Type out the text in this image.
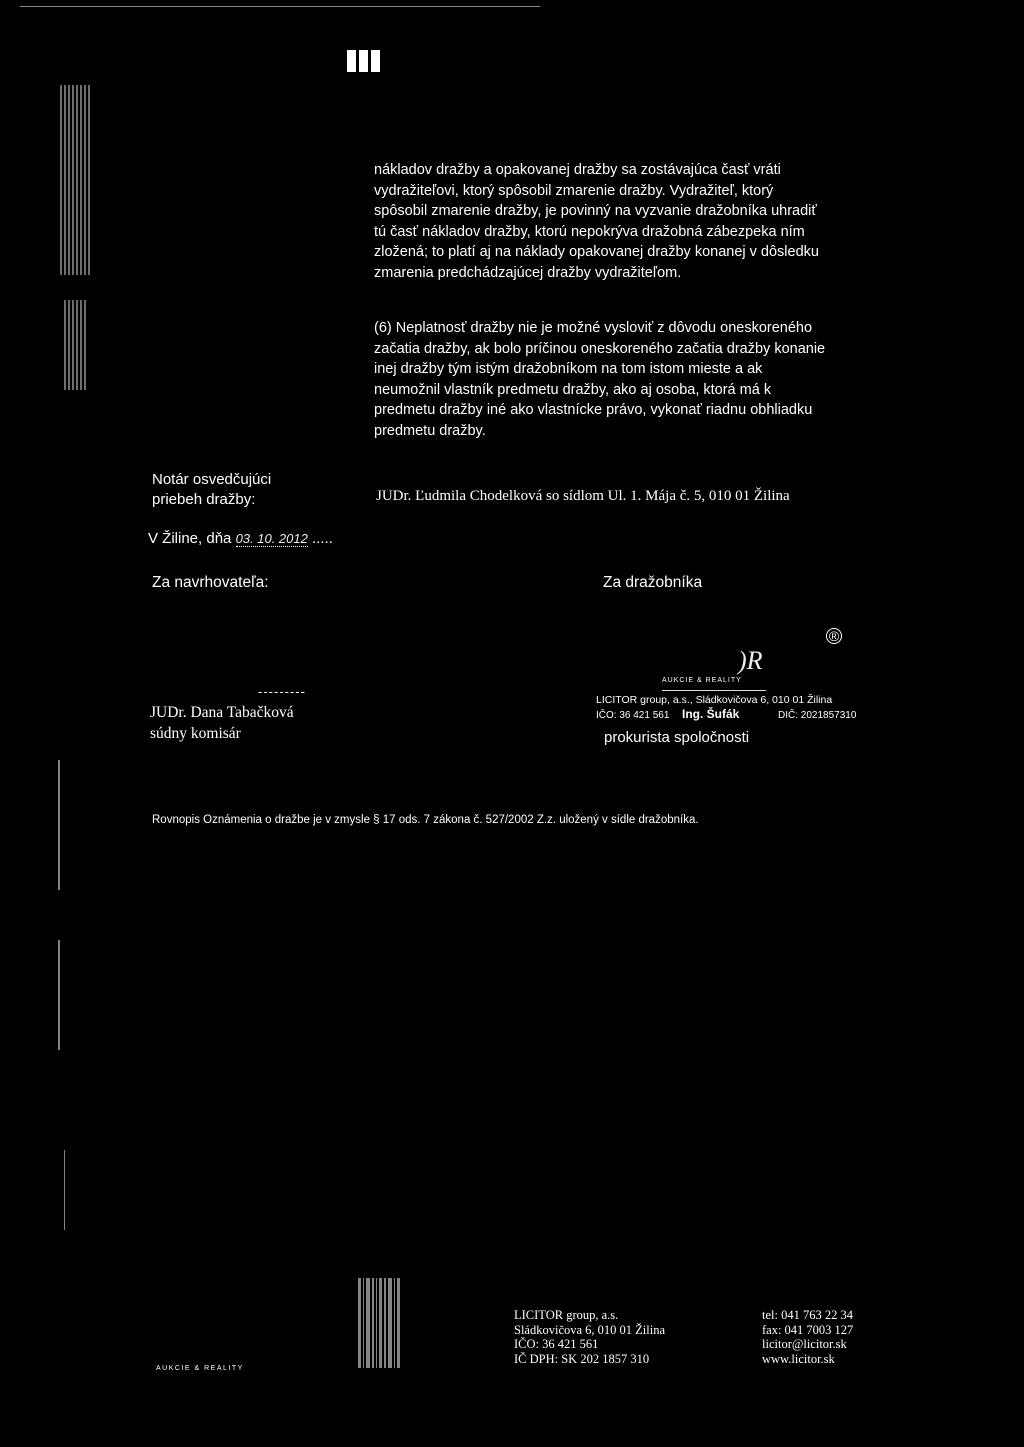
nákladov dražby a opakovanej dražby sa zostávajúca časť vráti
vydražiteľovi, ktorý spôsobil zmarenie dražby. Vydražiteľ, ktorý
spôsobil zmarenie dražby, je povinný na vyzvanie dražobníka uhradiť
tú časť nákladov dražby, ktorú nepokrýva dražobná zábezpeka ním
zložená; to platí aj na náklady opakovanej dražby konanej v dôsledku
zmarenia predchádzajúcej dražby vydražiteľom.
(6) Neplatnosť dražby nie je možné vysloviť z dôvodu oneskoreného
začatia dražby, ak bolo príčinou oneskoreného začatia dražby konanie
inej dražby tým istým dražobníkom na tom istom mieste a ak
neumožnil vlastník predmetu dražby, ako aj osoba, ktorá má k
predmetu dražby iné ako vlastnícke právo, vykonať riadnu obhliadku
predmetu dražby.
Notár osvedčujúci
priebeh dražby:	JUDr. Ľudmila Chodelková so sídlom Ul. 1. Mája č. 5, 010 01 Žilina
V Žiline, dňa 03. 10. 2012 .....
Za navrhovateľa:	Za dražobníka
®
---------
JUDr. Dana Tabačková
súdny komisár
)R
AUKCIE & REALITY
LICITOR group, a.s., Sládkovičova 6, 010 01 Žilina
IČO: 36 421 561 Ing. Šufák	DIČ: 2021857310
prokurista spoločnosti
Rovnopis Oznámenia o dražbe je v zmysle § 17 ods. 7 zákona č. 527/2002 Z.z. uložený v sídle dražobníka.
AUKCIE & REALITY
LICITOR group, a.s.
Sládkovičova 6, 010 01 Žilina
IČO: 36 421 561
IČ DPH: SK 202 1857 310
tel: 041 763 22 34
fax: 041 7003 127
licitor@licitor.sk
www.licitor.sk
